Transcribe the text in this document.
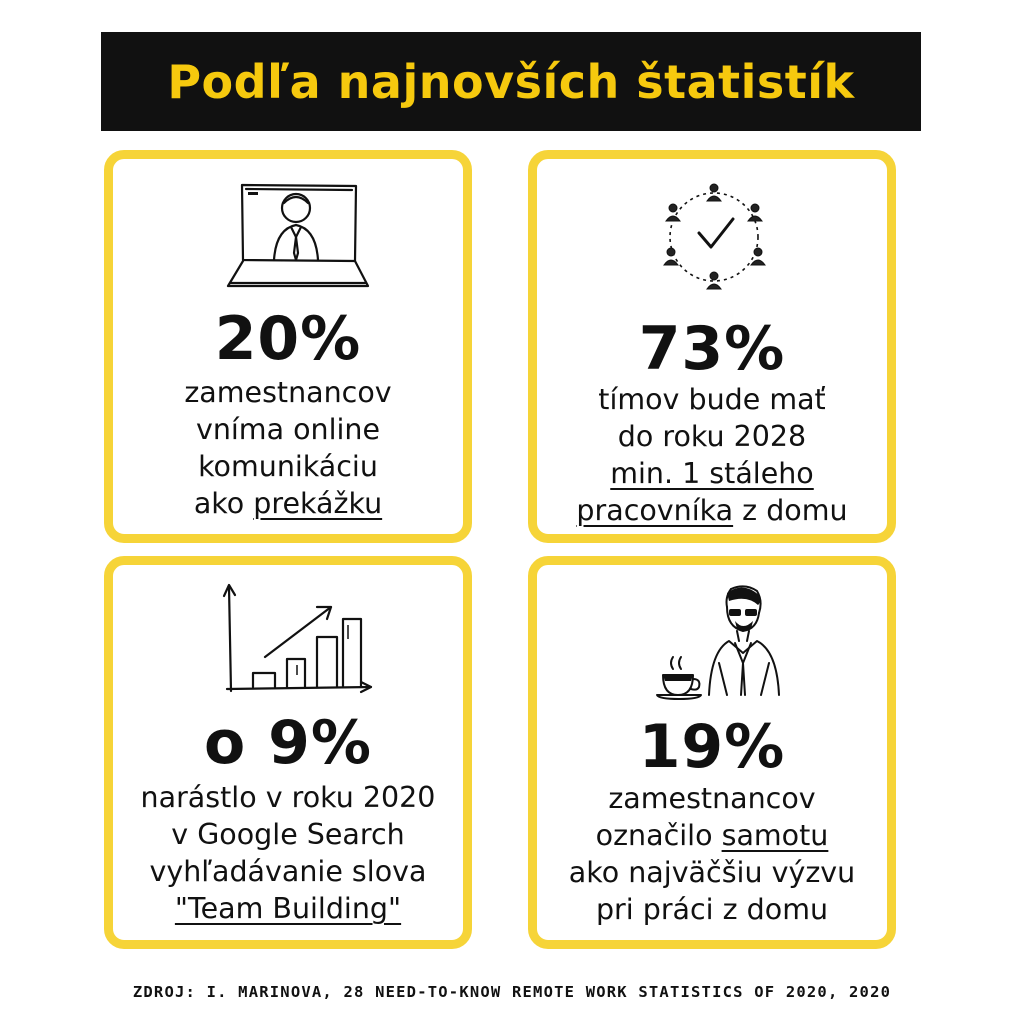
Podľa najnovších štatistík
20%
zamestnancov
vníma online
komunikáciu
ako prekážku
73%
tímov bude mať
do roku 2028
min. 1 stáleho
pracovníka z domu
o 9%
narástlo v roku 2020
v Google Search
vyhľadávanie slova
"Team Building"
19%
zamestnancov
označilo samotu
ako najväčšiu výzvu
pri práci z domu
ZDROJ: I. MARINOVA, 28 NEED-TO-KNOW REMOTE WORK STATISTICS OF 2020, 2020
